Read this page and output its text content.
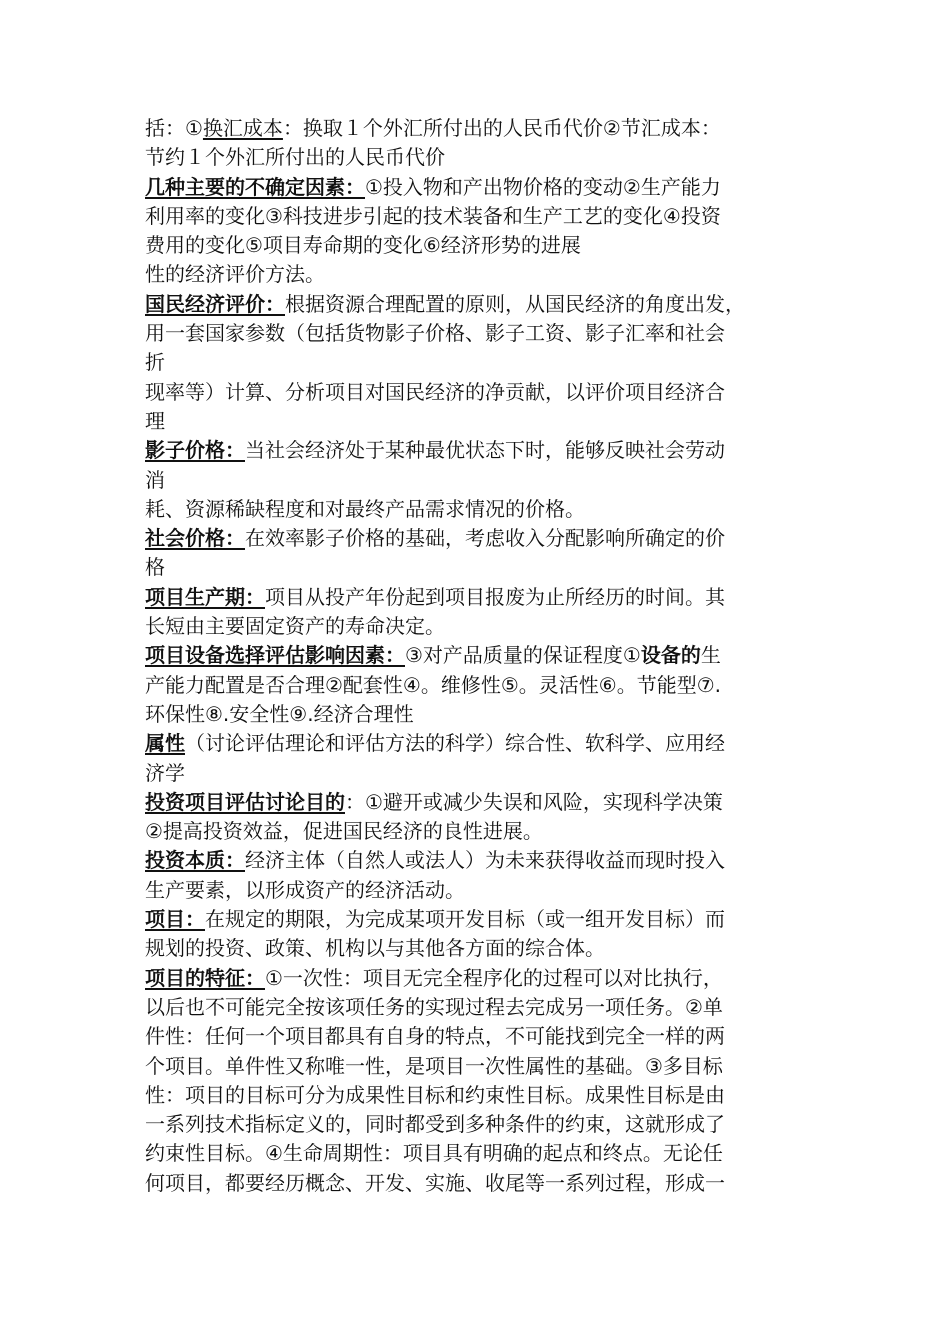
括：①换汇成本：换取１个外汇所付出的人民币代价②节汇成本：
节约１个外汇所付出的人民币代价
几种主要的不确定因素：①投入物和产出物价格的变动②生产能力
利用率的变化③科技进步引起的技术装备和生产工艺的变化④投资
费用的变化⑤项目寿命期的变化⑥经济形势的进展
性的经济评价方法。
国民经济评价：根据资源合理配置的原则，从国民经济的角度出发，
用一套国家参数（包括货物影子价格、影子工资、影子汇率和社会
折
现率等）计算、分析项目对国民经济的净贡献，以评价项目经济合
理
影子价格：当社会经济处于某种最优状态下时，能够反映社会劳动
消
耗、资源稀缺程度和对最终产品需求情况的价格。
社会价格：在效率影子价格的基础，考虑收入分配影响所确定的价
格
项目生产期：项目从投产年份起到项目报废为止所经历的时间。其
长短由主要固定资产的寿命决定。
项目设备选择评估影响因素：③对产品质量的保证程度①设备的生
产能力配置是否合理②配套性④。维修性⑤。灵活性⑥。节能型⑦.
环保性⑧.安全性⑨.经济合理性
属性（讨论评估理论和评估方法的科学）综合性、软科学、应用经
济学
投资项目评估讨论目的：①避开或减少失误和风险，实现科学决策
②提高投资效益，促进国民经济的良性进展。
投资本质：经济主体（自然人或法人）为未来获得收益而现时投入
生产要素，以形成资产的经济活动。
项目：在规定的期限，为完成某项开发目标（或一组开发目标）而
规划的投资、政策、机构以与其他各方面的综合体。
项目的特征：①一次性：项目无完全程序化的过程可以对比执行，
以后也不可能完全按该项任务的实现过程去完成另一项任务。②单
件性：任何一个项目都具有自身的特点，不可能找到完全一样的两
个项目。单件性又称唯一性，是项目一次性属性的基础。③多目标
性：项目的目标可分为成果性目标和约束性目标。成果性目标是由
一系列技术指标定义的，同时都受到多种条件的约束，这就形成了
约束性目标。④生命周期性：项目具有明确的起点和终点。无论任
何项目，都要经历概念、开发、实施、收尾等一系列过程，形成一
